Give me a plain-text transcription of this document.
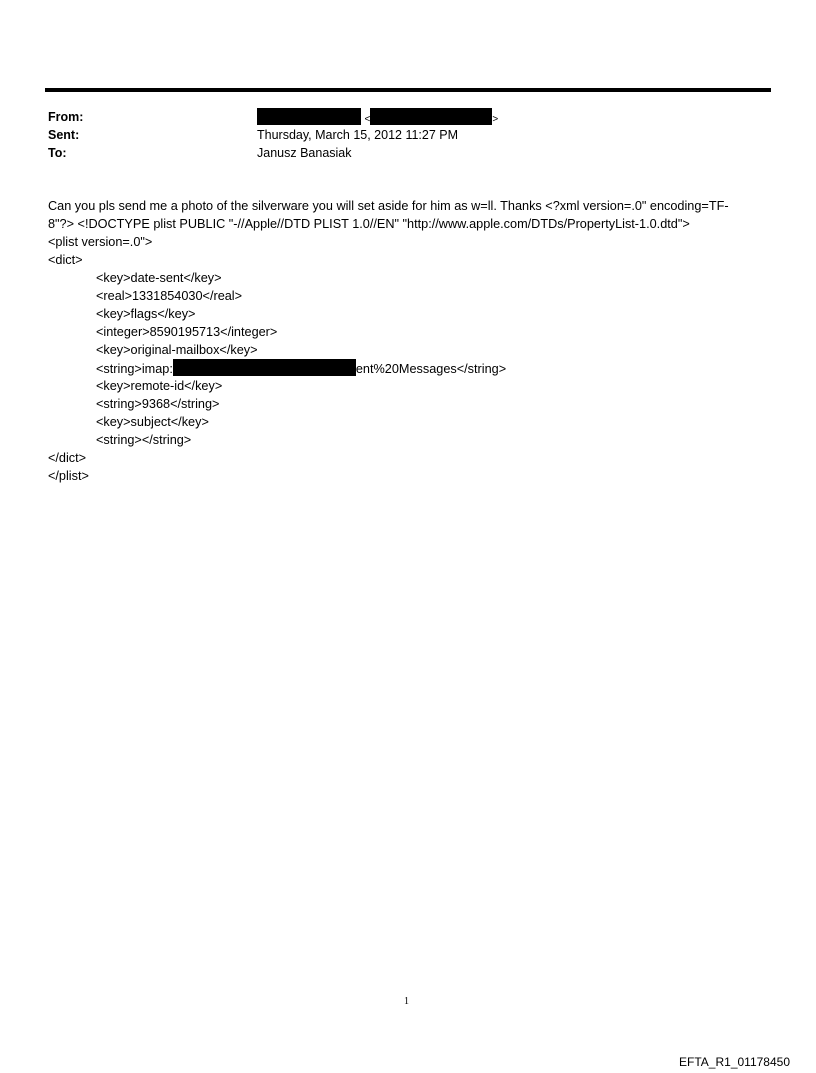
From:	<	>
Sent:	Thursday, March 15, 2012 11:27 PM
To:	Janusz Banasiak
Can you pls send me a photo of the silverware you will set aside for him as w=ll. Thanks <?xml version=.0" encoding=TF-
8"?> <!DOCTYPE plist PUBLIC "-//Apple//DTD PLIST 1.0//EN" "http://www.apple.com/DTDs/PropertyList-1.0.dtd">
<plist version=.0">
<dict>
<key>date-sent</key>
<real>1331854030</real>
<key>flags</key>
<integer>8590195713</integer>
<key>original-mailbox</key>
<string>imap:	ent%20Messages</string>
<key>remote-id</key>
<string>9368</string>
<key>subject</key>
<string></string>
</dict>
</plist>
1
EFTA_R1_01178450
